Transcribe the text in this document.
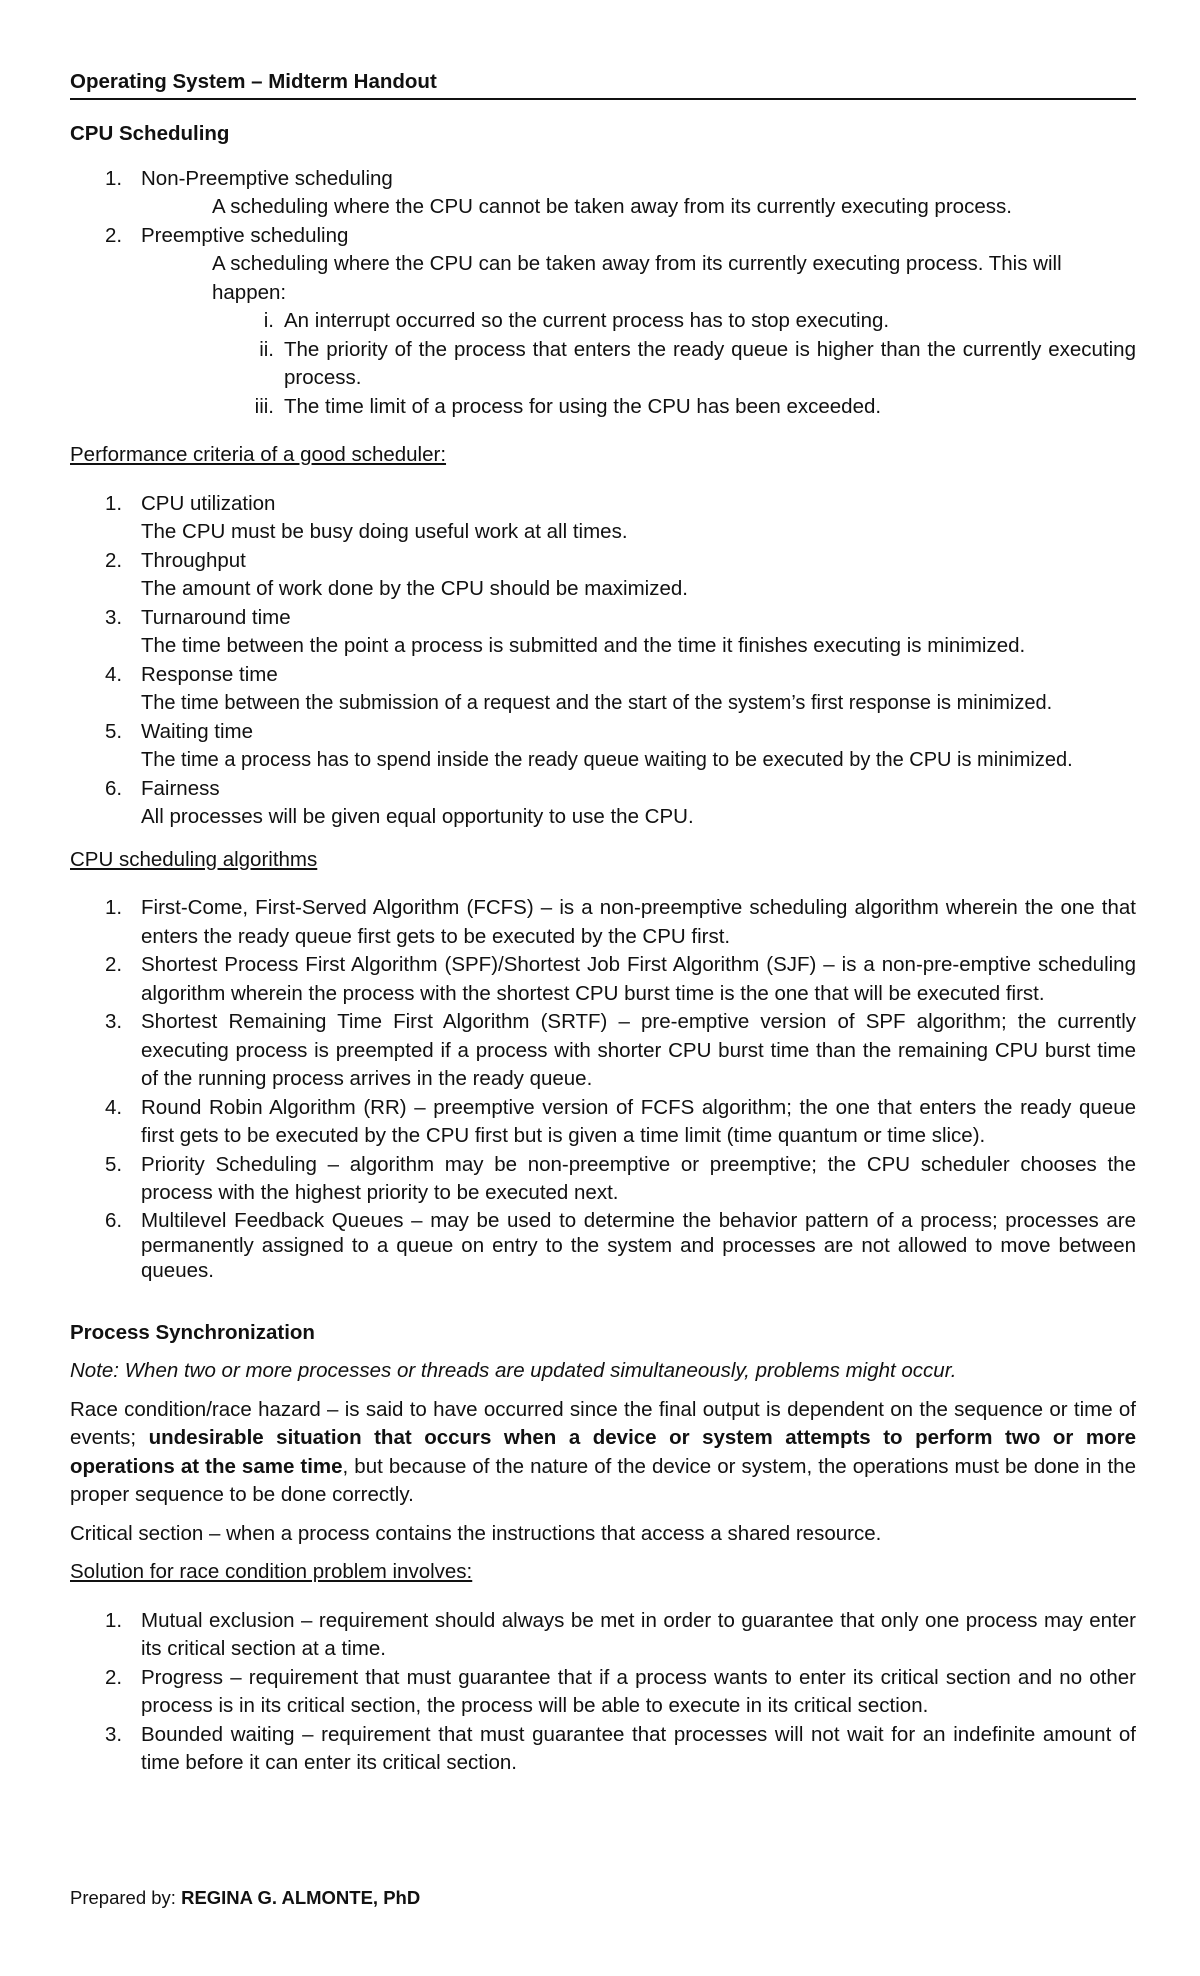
Operating System – Midterm Handout

CPU Scheduling

1. Non-Preemptive scheduling
A scheduling where the CPU cannot be taken away from its currently executing process.
2. Preemptive scheduling
A scheduling where the CPU can be taken away from its currently executing process. This will happen:
i. An interrupt occurred so the current process has to stop executing.
ii. The priority of the process that enters the ready queue is higher than the currently executing process.
iii. The time limit of a process for using the CPU has been exceeded.

Performance criteria of a good scheduler:

1. CPU utilization
The CPU must be busy doing useful work at all times.
2. Throughput
The amount of work done by the CPU should be maximized.
3. Turnaround time
The time between the point a process is submitted and the time it finishes executing is minimized.
4. Response time
The time between the submission of a request and the start of the system’s first response is minimized.
5. Waiting time
The time a process has to spend inside the ready queue waiting to be executed by the CPU is minimized.
6. Fairness
All processes will be given equal opportunity to use the CPU.

CPU scheduling algorithms

1. First-Come, First-Served Algorithm (FCFS) – is a non-preemptive scheduling algorithm wherein the one that enters the ready queue first gets to be executed by the CPU first.
2. Shortest Process First Algorithm (SPF)/Shortest Job First Algorithm (SJF) – is a non-pre-emptive scheduling algorithm wherein the process with the shortest CPU burst time is the one that will be executed first.
3. Shortest Remaining Time First Algorithm (SRTF) – pre-emptive version of SPF algorithm; the currently executing process is preempted if a process with shorter CPU burst time than the remaining CPU burst time of the running process arrives in the ready queue.
4. Round Robin Algorithm (RR) – preemptive version of FCFS algorithm; the one that enters the ready queue first gets to be executed by the CPU first but is given a time limit (time quantum or time slice).
5. Priority Scheduling – algorithm may be non-preemptive or preemptive; the CPU scheduler chooses the process with the highest priority to be executed next.
6. Multilevel Feedback Queues – may be used to determine the behavior pattern of a process; processes are permanently assigned to a queue on entry to the system and processes are not allowed to move between queues.

Process Synchronization

Note: When two or more processes or threads are updated simultaneously, problems might occur.

Race condition/race hazard – is said to have occurred since the final output is dependent on the sequence or time of events; undesirable situation that occurs when a device or system attempts to perform two or more operations at the same time, but because of the nature of the device or system, the operations must be done in the proper sequence to be done correctly.

Critical section – when a process contains the instructions that access a shared resource.

Solution for race condition problem involves:

1. Mutual exclusion – requirement should always be met in order to guarantee that only one process may enter its critical section at a time.
2. Progress – requirement that must guarantee that if a process wants to enter its critical section and no other process is in its critical section, the process will be able to execute in its critical section.
3. Bounded waiting – requirement that must guarantee that processes will not wait for an indefinite amount of time before it can enter its critical section.
Prepared by: REGINA G. ALMONTE, PhD
